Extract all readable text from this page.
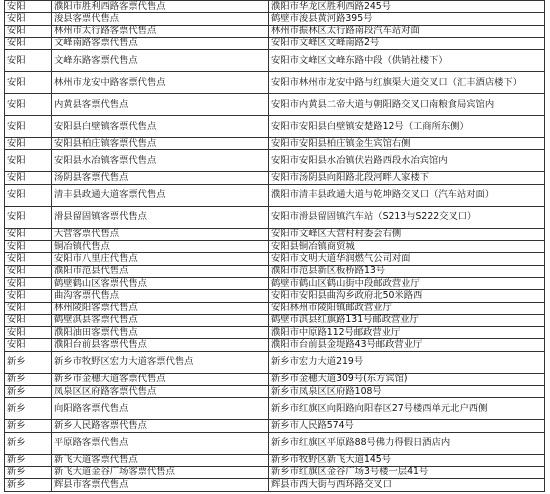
安阳	濮阳市胜利西路客票代售点	濮阳市华龙区胜利西路245号
安阳	浚县客票代售点	鹤壁市浚县黄河路395号
安阳	林州市太行路客票代售点	林州市振林区太行路南段汽车站对面
安阳	文峰南路客票代售点	安阳市文峰区文峰南路2号
安阳	文峰东路客票代售点	安阳市文峰区文峰东路中段（供销社楼下）
安阳	林州市龙安中路客票代售点	安阳市林州市龙安中路与红旗渠大道交叉口（汇丰酒店楼下）
安阳	内黄县客票代售点	安阳市内黄县二帝大道与朝阳路交叉口南粮食局宾馆内
安阳	安阳县白壁镇客票代售点	安阳市安阳县白壁镇安楚路12号（工商所东侧）
安阳	安阳县柏庄镇客票代售点	安阳市安阳县柏庄镇金生宾馆右侧
安阳	安阳县水冶镇客票代售点	安阳市安阳县水冶镇伏岩路西段水冶宾馆内
安阳	汤阴县客票代售点	安阳市汤阴县向阳路北段河畔人家楼下
安阳	清丰县政通大道客票代售点	濮阳市清丰县政通大道与乾坤路交叉口（汽车站对面）
安阳	滑县留固镇客票代售点	安阳市滑县留固镇汽车站（S213与S222交叉口）
安阳	大营客票代售点	安阳市文峰区大营村村委会右侧
安阳	铜冶镇代售点	安阳县铜冶镇商贸城
安阳	安阳市八里庄代售点	安阳市文明大道华润燃气公司对面
安阳	濮阳市范县代售点	濮阳市范县新区板桥路13号
安阳	鹤壁鹤山区客票代售点	鹤壁市鹤山区鹤山街中段邮政营业厅
安阳	曲沟客票代售点	安阳市安阳县曲沟乡政府北50米路西
安阳	林州陵阳客票代售点	安阳林州市陵阳镇邮政营业厅
安阳	鹤壁淇县客票代售点	鹤壁市淇县红旗路131号邮政营业厅
安阳	濮阳油田客票代售点	濮阳市中原路112号邮政营业厅
安阳	濮阳台前县客票代售点	濮阳市台前县金堤路43号邮政营业厅
新乡	新乡市牧野区宏力大道客票代售点	新乡市宏力大道219号
新乡	新乡市金穗大道客票代售点	新乡市金穗大道309号(东方宾馆)
新乡	凤泉区区府路客票代售点	新乡市凤泉区区府路108号
新乡	向阳路客票代售点	新乡市红旗区向阳路向阳春区27号楼西单元北户西侧
新乡	新乡人民路客票代售点	新乡市人民路574号
新乡	平原路客票代售点	新乡市红旗区平原路88号佛力得假日酒店内
新乡	新飞大道客票代售点	新乡市牧野区新飞大道145号
新乡	新飞大道金谷广场客票代售点	新乡市红旗区金谷广场3号楼一层41号
新乡	辉县市客票代售点	辉县市西大街与西环路交叉口
